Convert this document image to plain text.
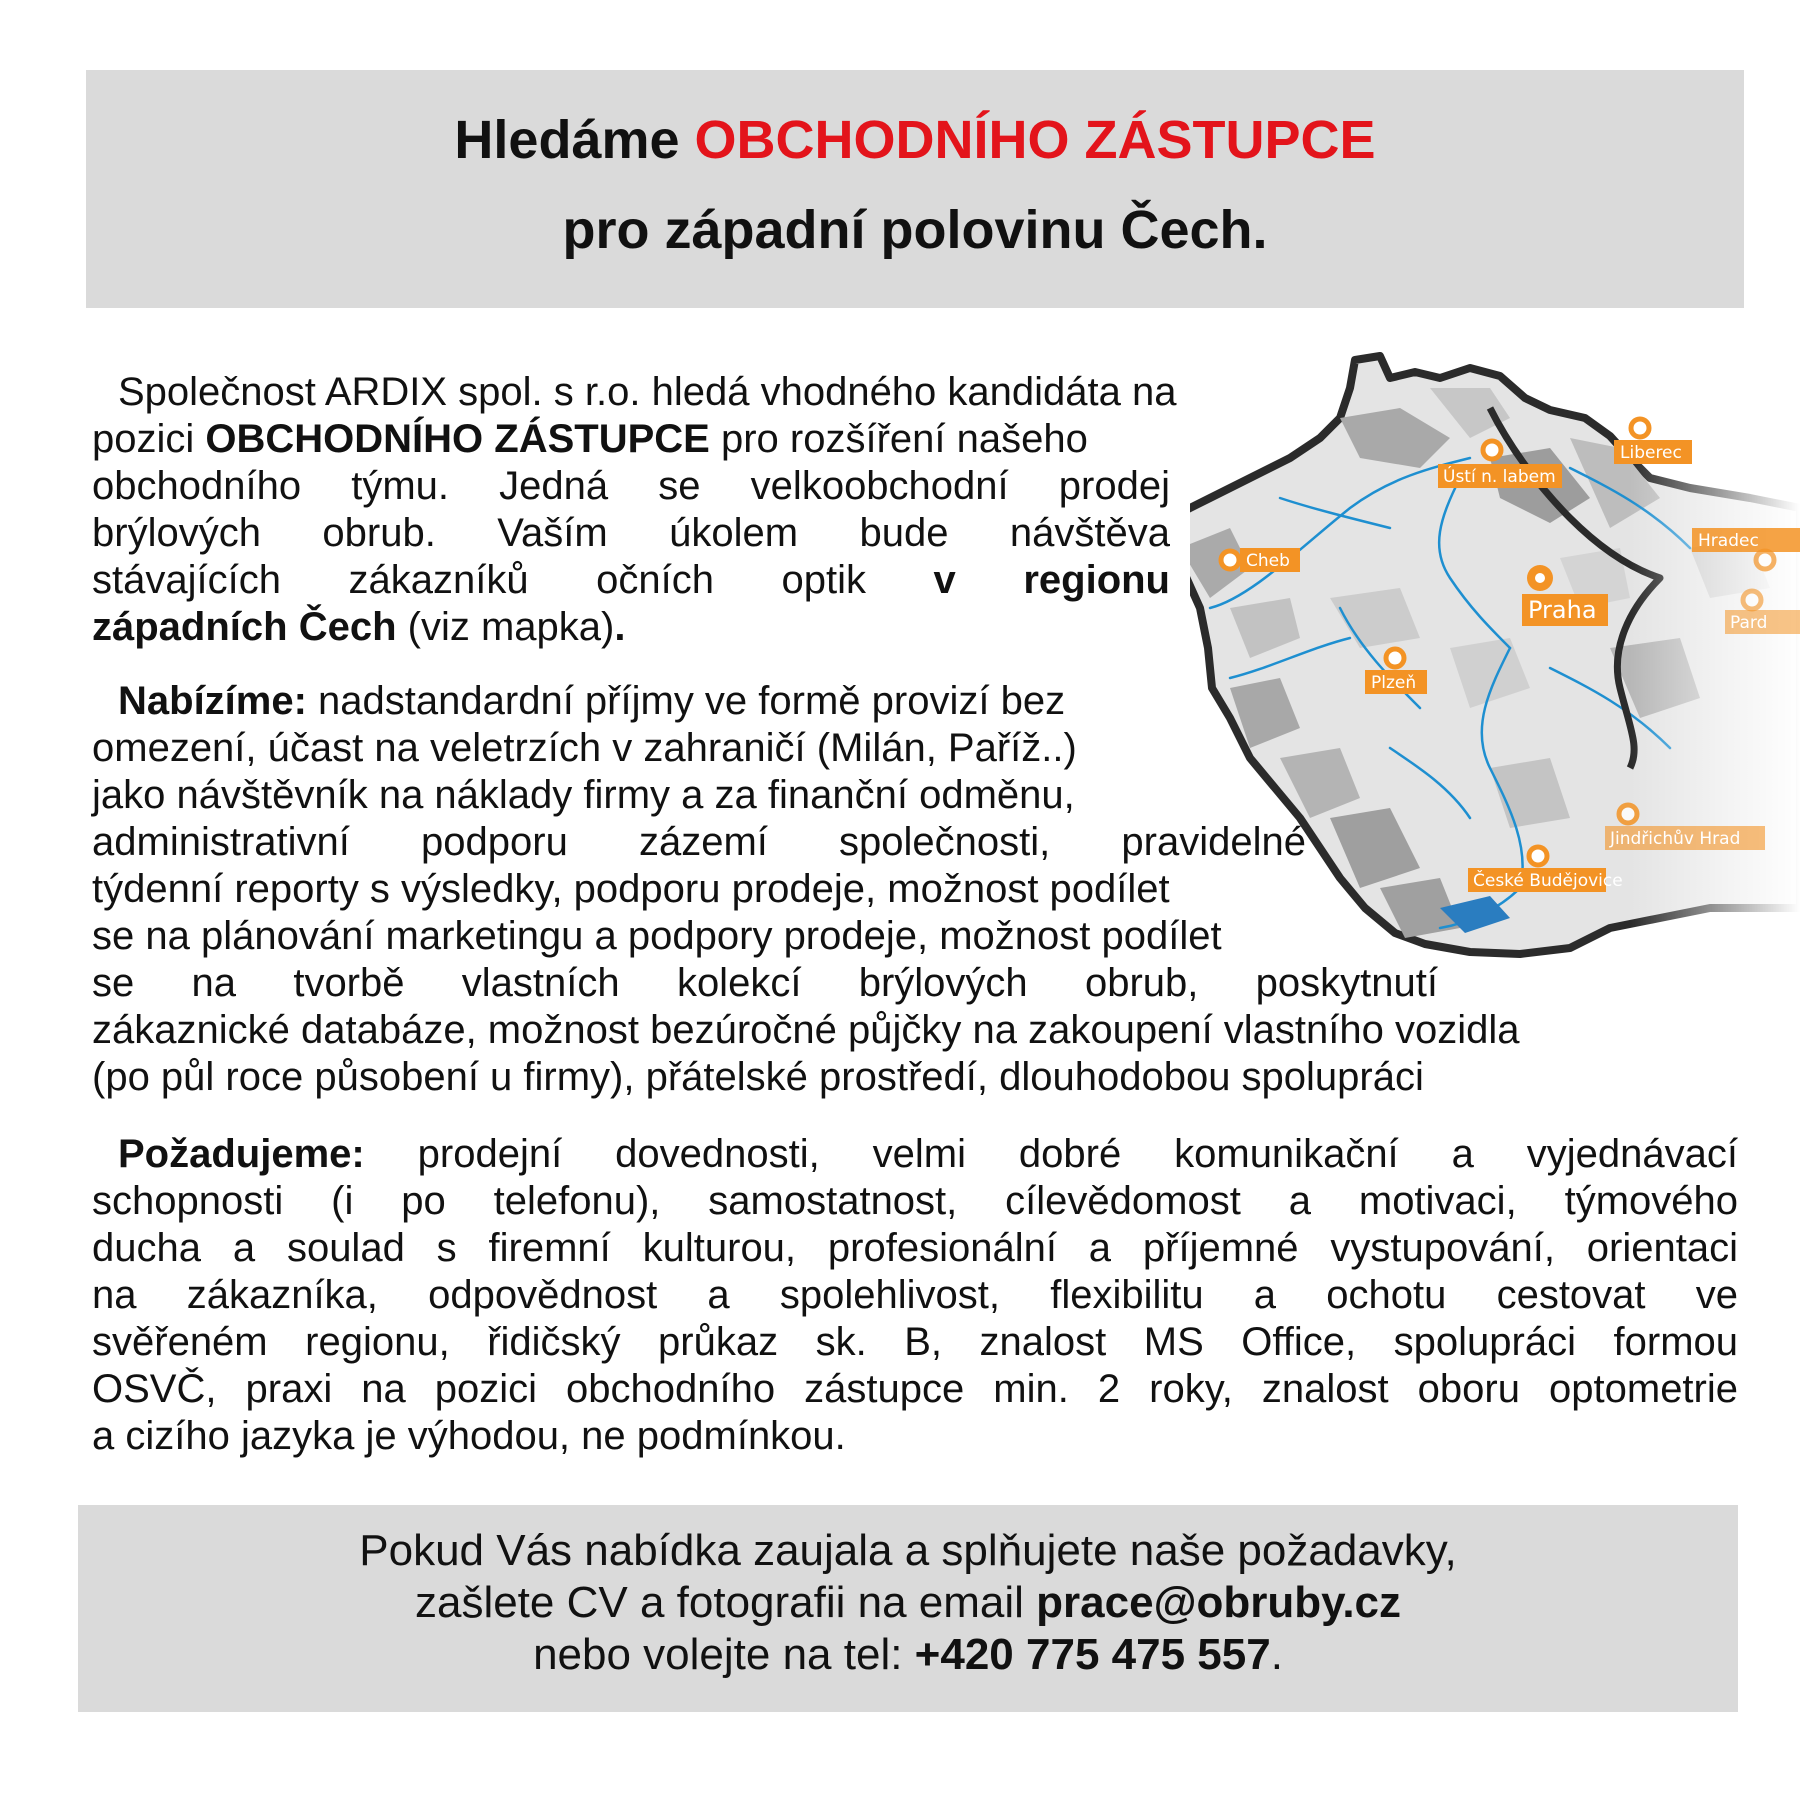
Hledáme OBCHODNÍHO ZÁSTUPCE
pro západní polovinu Čech.
Ústí n. labem
Liberec
Cheb
Praha
Plzeň
Hradec
Pard
Jindřichův Hrad
České Budějovice
Společnost ARDIX spol. s r.o. hledá vhodného kandidáta na
pozici OBCHODNÍHO ZÁSTUPCE pro rozšíření našeho
obchodního týmu. Jedná se velkoobchodní prodej
brýlových obrub. Vaším úkolem bude návštěva
stávajících zákazníků očních optik v regionu
západních Čech (viz mapka).
Nabízíme: nadstandardní příjmy ve formě provizí bez
omezení, účast na veletrzích v zahraničí (Milán, Paříž..)
jako návštěvník na náklady firmy a za finanční odměnu,
administrativní podporu zázemí společnosti, pravidelné
týdenní reporty s výsledky, podporu prodeje, možnost podílet
se na plánování marketingu a podpory prodeje, možnost podílet
se na tvorbě vlastních kolekcí brýlových obrub, poskytnutí
zákaznické databáze, možnost bezúročné půjčky na zakoupení vlastního vozidla
(po půl roce působení u firmy), přátelské prostředí, dlouhodobou spolupráci
Požadujeme: prodejní dovednosti, velmi dobré komunikační a vyjednávací
schopnosti (i po telefonu), samostatnost, cílevědomost a motivaci, týmového
ducha a soulad s firemní kulturou, profesionální a příjemné vystupování, orientaci
na zákazníka, odpovědnost a spolehlivost, flexibilitu a ochotu cestovat ve
svěřeném regionu, řidičský průkaz sk. B, znalost MS Office, spolupráci formou
OSVČ, praxi na pozici obchodního zástupce min. 2 roky, znalost oboru optometrie
a cizího jazyka je výhodou, ne podmínkou.
Pokud Vás nabídka zaujala a splňujete naše požadavky,
zašlete CV a fotografii na email prace@obruby.cz
nebo volejte na tel: +420 775 475 557.
